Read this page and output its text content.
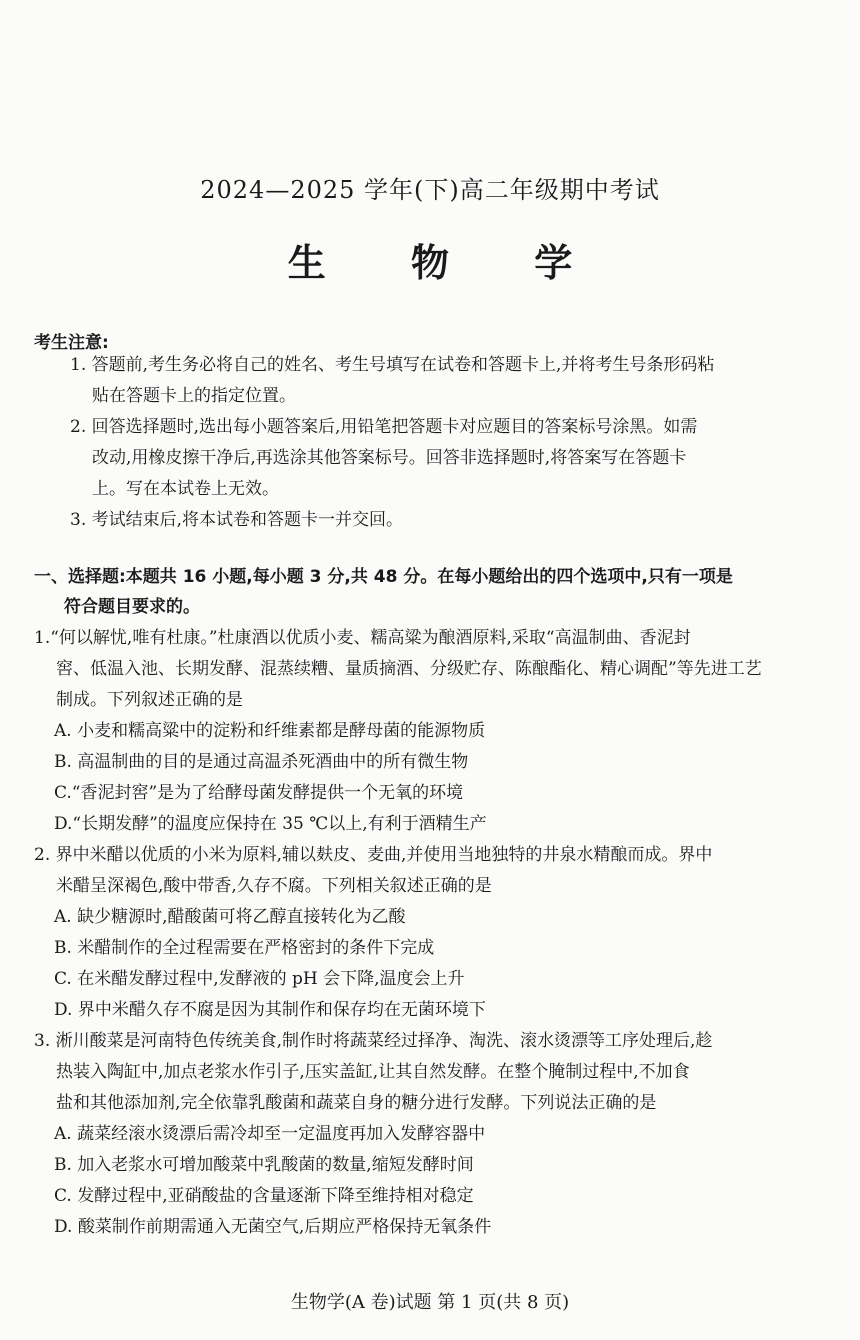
2024—2025 学年(下)高二年级期中考试
生 物 学
考生注意:

1. 答题前,考生务必将自己的姓名、考生号填写在试卷和答题卡上,并将考生号条形码粘
贴在答题卡上的指定位置。

2. 回答选择题时,选出每小题答案后,用铅笔把答题卡对应题目的答案标号涂黑。如需
改动,用橡皮擦干净后,再选涂其他答案标号。回答非选择题时,将答案写在答题卡
上。写在本试卷上无效。

3. 考试结束后,将本试卷和答题卡一并交回。

一、选择题:本题共 16 小题,每小题 3 分,共 48 分。在每小题给出的四个选项中,只有一项是
符合题目要求的。

1.“何以解忧,唯有杜康。”杜康酒以优质小麦、糯高粱为酿酒原料,采取“高温制曲、香泥封
窖、低温入池、长期发酵、混蒸续糟、量质摘酒、分级贮存、陈酿酯化、精心调配”等先进工艺
制成。下列叙述正确的是

A. 小麦和糯高粱中的淀粉和纤维素都是酵母菌的能源物质

B. 高温制曲的目的是通过高温杀死酒曲中的所有微生物

C.“香泥封窖”是为了给酵母菌发酵提供一个无氧的环境

D.“长期发酵”的温度应保持在 35 ℃以上,有利于酒精生产

2. 界中米醋以优质的小米为原料,辅以麸皮、麦曲,并使用当地独特的井泉水精酿而成。界中
米醋呈深褐色,酸中带香,久存不腐。下列相关叙述正确的是

A. 缺少糖源时,醋酸菌可将乙醇直接转化为乙酸

B. 米醋制作的全过程需要在严格密封的条件下完成

C. 在米醋发酵过程中,发酵液的 pH 会下降,温度会上升

D. 界中米醋久存不腐是因为其制作和保存均在无菌环境下

3. 淅川酸菜是河南特色传统美食,制作时将蔬菜经过择净、淘洗、滚水烫漂等工序处理后,趁
热装入陶缸中,加点老浆水作引子,压实盖缸,让其自然发酵。在整个腌制过程中,不加食
盐和其他添加剂,完全依靠乳酸菌和蔬菜自身的糖分进行发酵。下列说法正确的是

A. 蔬菜经滚水烫漂后需冷却至一定温度再加入发酵容器中

B. 加入老浆水可增加酸菜中乳酸菌的数量,缩短发酵时间

C. 发酵过程中,亚硝酸盐的含量逐渐下降至维持相对稳定

D. 酸菜制作前期需通入无菌空气,后期应严格保持无氧条件

生物学(A 卷)试题 第 1 页(共 8 页)
